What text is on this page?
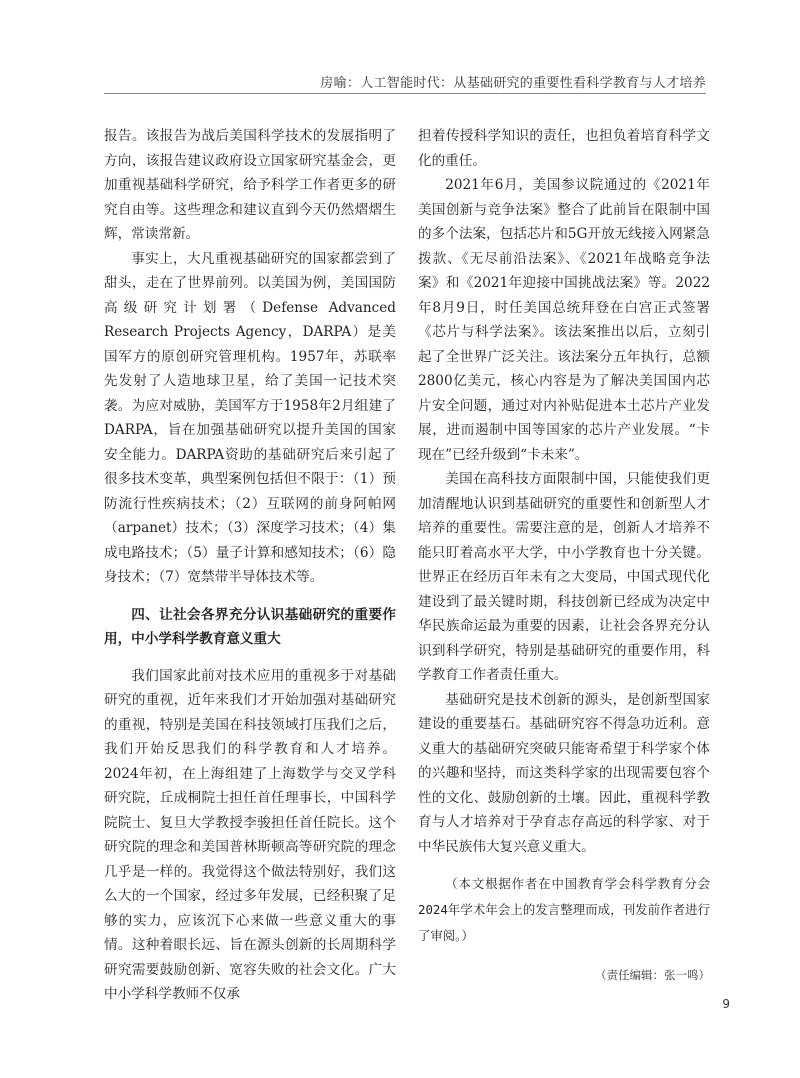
房喻：人工智能时代：从基础研究的重要性看科学教育与人才培养

报告。该报告为战后美国科学技术的发展指明了方向，该报告建议政府设立国家研究基金会，更加重视基础科学研究，给予科学工作者更多的研究自由等。这些理念和建议直到今天仍然熠熠生辉，常读常新。

事实上，大凡重视基础研究的国家都尝到了甜头，走在了世界前列。以美国为例，美国国防高级研究计划署（Defense Advanced Research Projects Agency，DARPA）是美国军方的原创研究管理机构。1957年，苏联率先发射了人造地球卫星，给了美国一记技术突袭。为应对威胁，美国军方于1958年2月组建了DARPA，旨在加强基础研究以提升美国的国家安全能力。DARPA资助的基础研究后来引起了很多技术变革，典型案例包括但不限于：（1）预防流行性疾病技术；（2）互联网的前身阿帕网（arpanet）技术；（3）深度学习技术；（4）集成电路技术；（5）量子计算和感知技术；（6）隐身技术；（7）宽禁带半导体技术等。

四、让社会各界充分认识基础研究的重要作用，中小学科学教育意义重大

我们国家此前对技术应用的重视多于对基础研究的重视，近年来我们才开始加强对基础研究的重视，特别是美国在科技领域打压我们之后，我们开始反思我们的科学教育和人才培养。2024年初，在上海组建了上海数学与交叉学科研究院，丘成桐院士担任首任理事长，中国科学院院士、复旦大学教授李骏担任首任院长。这个研究院的理念和美国普林斯顿高等研究院的理念几乎是一样的。我觉得这个做法特别好，我们这么大的一个国家，经过多年发展，已经积聚了足够的实力，应该沉下心来做一些意义重大的事情。这种着眼长远、旨在源头创新的长周期科学研究需要鼓励创新、宽容失败的社会文化。广大中小学科学教师不仅承

担着传授科学知识的责任，也担负着培育科学文化的重任。

2021年6月，美国参议院通过的《2021年美国创新与竞争法案》整合了此前旨在限制中国的多个法案，包括芯片和5G开放无线接入网紧急拨款、《无尽前沿法案》、《2021年战略竞争法案》和《2021年迎接中国挑战法案》等。2022年8月9日，时任美国总统拜登在白宫正式签署《芯片与科学法案》。该法案推出以后，立刻引起了全世界广泛关注。该法案分五年执行，总额2800亿美元，核心内容是为了解决美国国内芯片安全问题，通过对内补贴促进本土芯片产业发展，进而遏制中国等国家的芯片产业发展。“卡现在”已经升级到“卡未来”。

美国在高科技方面限制中国，只能使我们更加清醒地认识到基础研究的重要性和创新型人才培养的重要性。需要注意的是，创新人才培养不能只盯着高水平大学，中小学教育也十分关键。世界正在经历百年未有之大变局，中国式现代化建设到了最关键时期，科技创新已经成为决定中华民族命运最为重要的因素，让社会各界充分认识到科学研究，特别是基础研究的重要作用，科学教育工作者责任重大。

基础研究是技术创新的源头，是创新型国家建设的重要基石。基础研究容不得急功近利。意义重大的基础研究突破只能寄希望于科学家个体的兴趣和坚持，而这类科学家的出现需要包容个性的文化、鼓励创新的土壤。因此，重视科学教育与人才培养对于孕育志存高远的科学家、对于中华民族伟大复兴意义重大。

（本文根据作者在中国教育学会科学教育分会2024年学术年会上的发言整理而成，刊发前作者进行了审阅。）
（责任编辑：张一鸣）
9
